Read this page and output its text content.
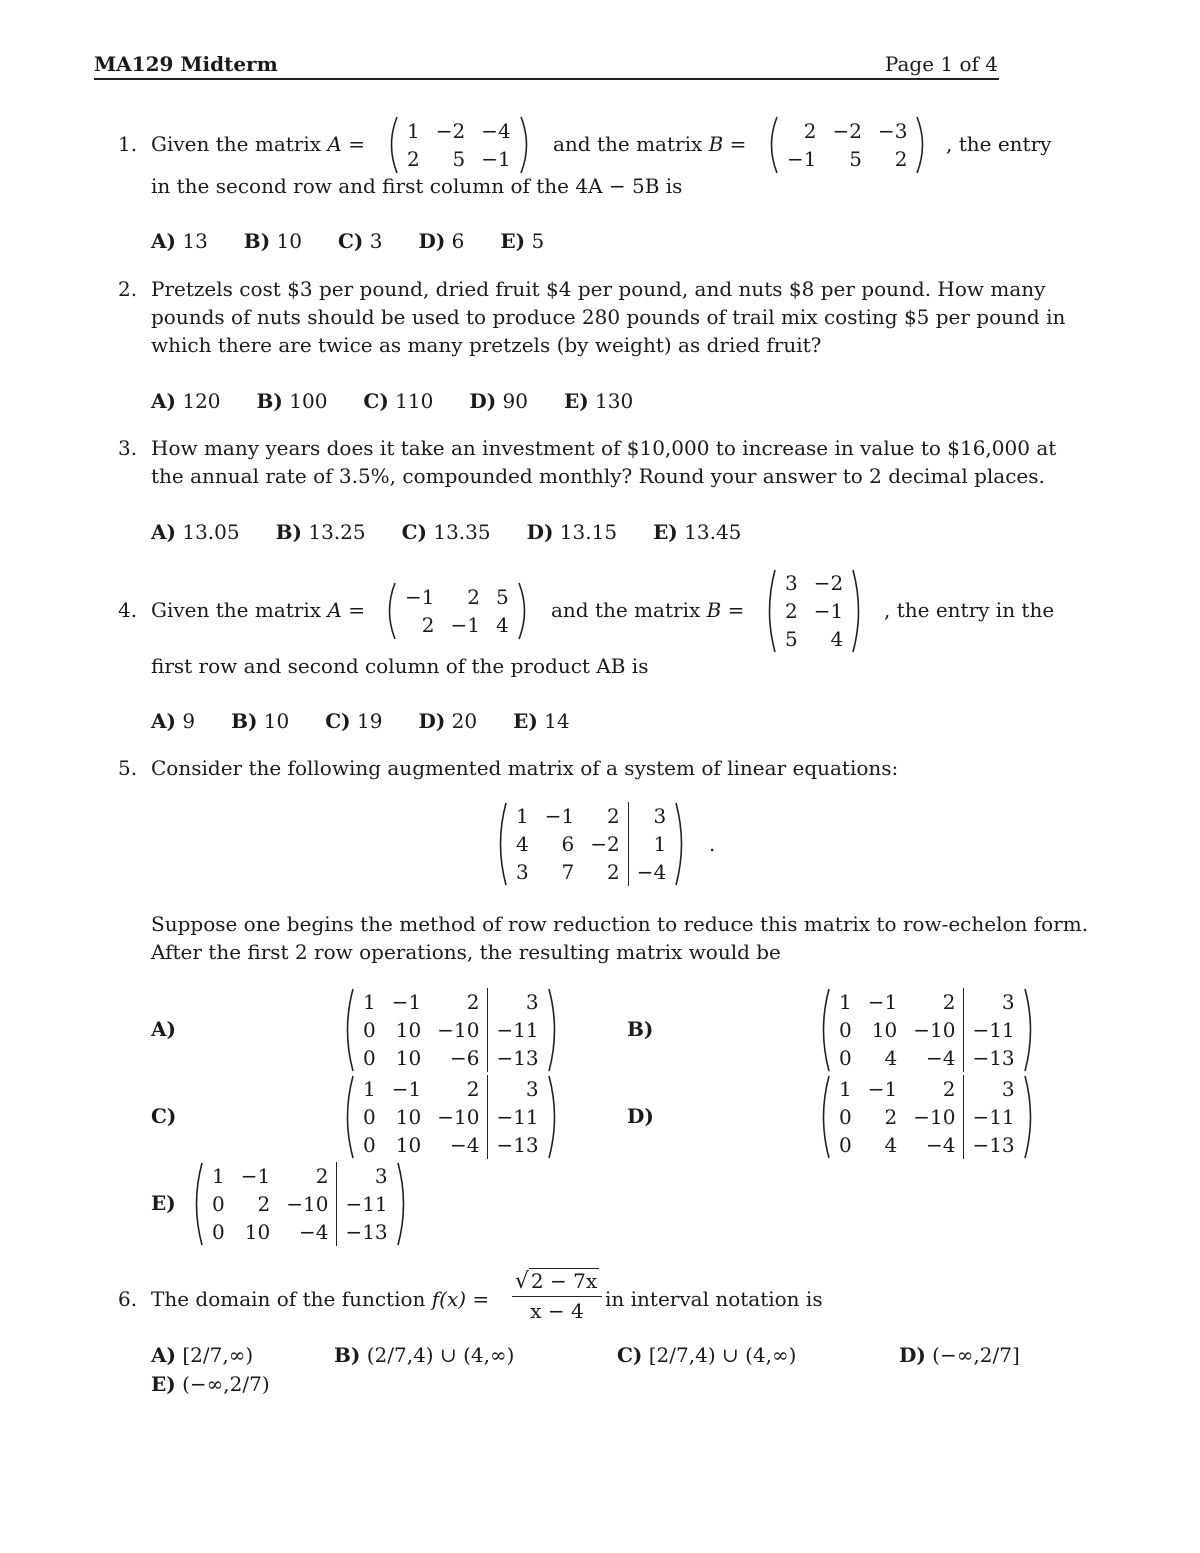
MA129 Midterm	Page 1 of 4
1. Given the matrix A =
1 −2 −4
2	5 −1
and the matrix B =
2 −2 −3
−1	5	2
, the entry
in the second row and first column of the 4A − 5B is
A) 13 B) 10 C) 3 D) 6 E) 5
2. Pretzels cost $3 per pound, dried fruit $4 per pound, and nuts $8 per pound. How many
pounds of nuts should be used to produce 280 pounds of trail mix costing $5 per pound in
which there are twice as many pretzels (by weight) as dried fruit?
A) 120 B) 100 C) 110 D) 90 E) 130
3. How many years does it take an investment of $10,000 to increase in value to $16,000 at
the annual rate of 3.5%, compounded monthly? Round your answer to 2 decimal places.
A) 13.05 B) 13.25 C) 13.35 D) 13.15 E) 13.45
4. Given the matrix A =
−1	2 5
2 −1 4
and the matrix B =
3 −2
2 −1
5	4
, the entry in the
first row and second column of the product AB is
A) 9 B) 10 C) 19 D) 20 E) 14
5. Consider the following augmented matrix of a system of linear equations:
1 −1	2	3
4	6 −2	1
3	7	2 −4
.
Suppose one begins the method of row reduction to reduce this matrix to row-echelon form.
After the first 2 row operations, the resulting matrix would be
A)
1 −1	2	3
0	10 −10 −11
0	10	−6 −13
B)
1 −1	2	3
0	10 −10 −11
0	4	−4 −13
C)
1 −1	2	3
0	10 −10 −11
0	10	−4 −13
D)
1 −1	2	3
0	2 −10 −11
0	4	−4 −13
E)
1 −1	2	3
0	2 −10 −11
0	10	−4 −13
6. The domain of the function f(x) =
√ 2 − 7x
x − 4	in interval notation is
A) [2/7,∞)	B) (2/7,4) ∪ (4,∞)	C) [2/7,4) ∪ (4,∞)	D) (−∞,2/7]
E) (−∞,2/7)
